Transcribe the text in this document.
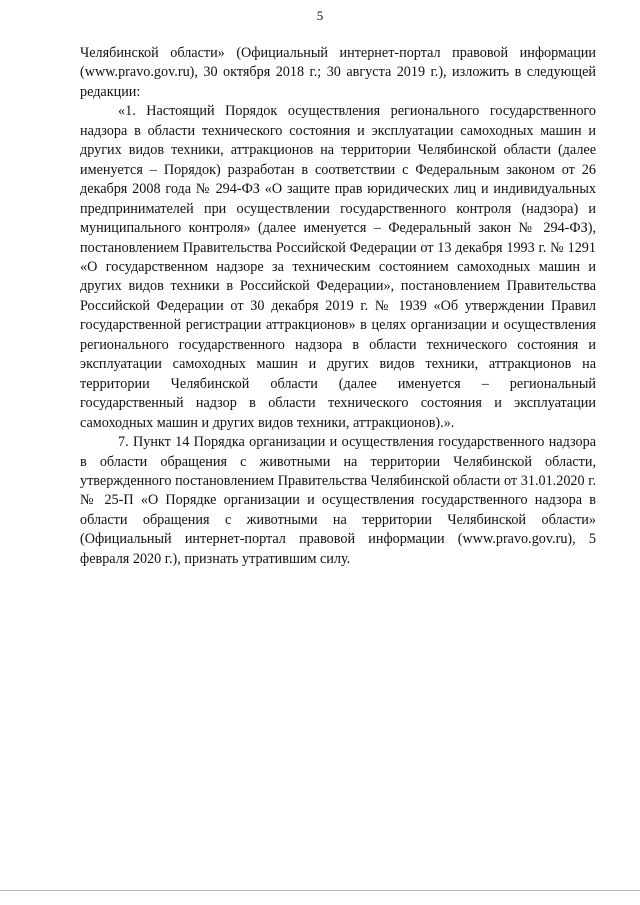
5

Челябинской области» (Официальный интернет-портал правовой информации (www.pravo.gov.ru), 30 октября 2018 г.; 30 августа 2019 г.), изложить в следующей редакции:

«1. Настоящий Порядок осуществления регионального государственного надзора в области технического состояния и эксплуатации самоходных машин и других видов техники, аттракционов на территории Челябинской области (далее именуется – Порядок) разработан в соответствии с Федеральным законом от 26 декабря 2008 года № 294-ФЗ «О защите прав юридических лиц и индивидуальных предпринимателей при осуществлении государственного контроля (надзора) и муниципального контроля» (далее именуется – Федеральный закон № 294-ФЗ), постановлением Правительства Российской Федерации от 13 декабря 1993 г. № 1291 «О государственном надзоре за техническим состоянием самоходных машин и других видов техники в Российской Федерации», постановлением Правительства Российской Федерации от 30 декабря 2019 г. № 1939 «Об утверждении Правил государственной регистрации аттракционов» в целях организации и осуществления регионального государственного надзора в области технического состояния и эксплуатации самоходных машин и других видов техники, аттракционов на территории Челябинской области (далее именуется – региональный государственный надзор в области технического состояния и эксплуатации самоходных машин и других видов техники, аттракционов).».

7. Пункт 14 Порядка организации и осуществления государственного надзора в области обращения с животными на территории Челябинской области, утвержденного постановлением Правительства Челябинской области от 31.01.2020 г. № 25-П «О Порядке организации и осуществления государственного надзора в области обращения с животными на территории Челябинской области» (Официальный интернет-портал правовой информации (www.pravo.gov.ru), 5 февраля 2020 г.), признать утратившим силу.
